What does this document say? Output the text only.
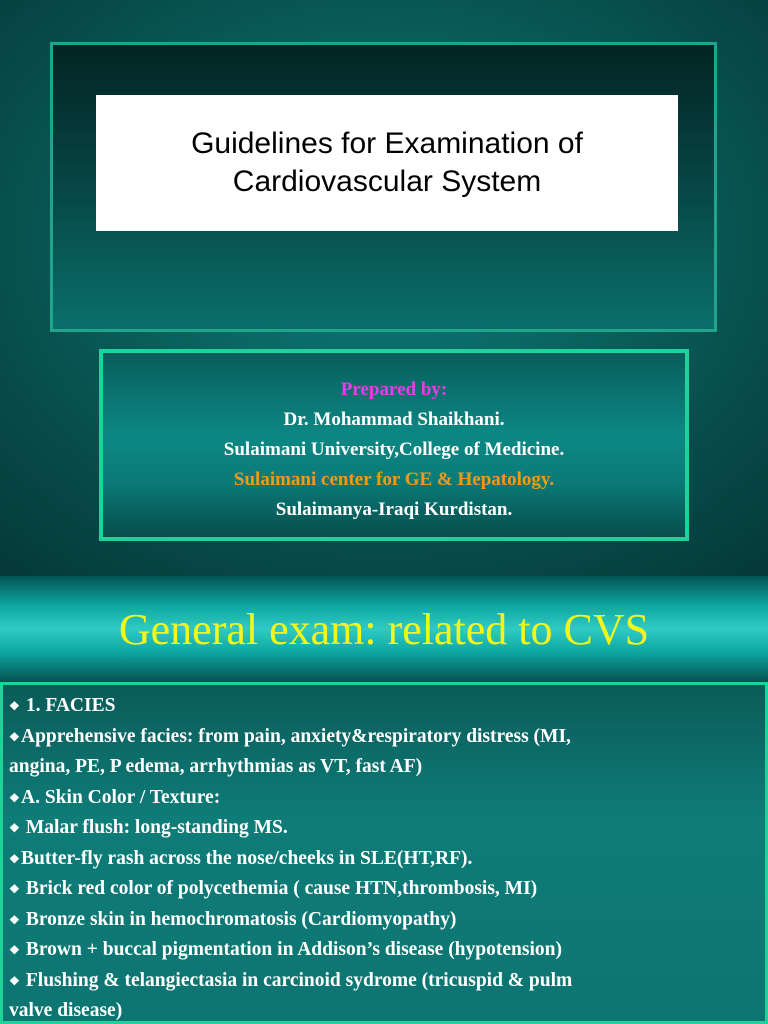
Guidelines for Examination of
Cardiovascular System
Prepared by:
Dr. Mohammad Shaikhani.
Sulaimani University,College of Medicine.
Sulaimani center for GE & Hepatology.
Sulaimanya-Iraqi Kurdistan.
General exam: related to CVS
❖ 1. FACIES
❖Apprehensive facies: from pain, anxiety&respiratory distress (MI,
angina, PE, P edema, arrhythmias as VT, fast AF)
❖A. Skin Color / Texture:
❖ Malar flush: long-standing MS.
❖Butter-fly rash across the nose/cheeks in SLE(HT,RF).
❖ Brick red color of polycethemia ( cause HTN,thrombosis, MI)
❖ Bronze skin in hemochromatosis (Cardiomyopathy)
❖ Brown + buccal pigmentation in Addison’s disease (hypotension)
❖ Flushing & telangiectasia in carcinoid sydrome (tricuspid & pulm
valve disease)
